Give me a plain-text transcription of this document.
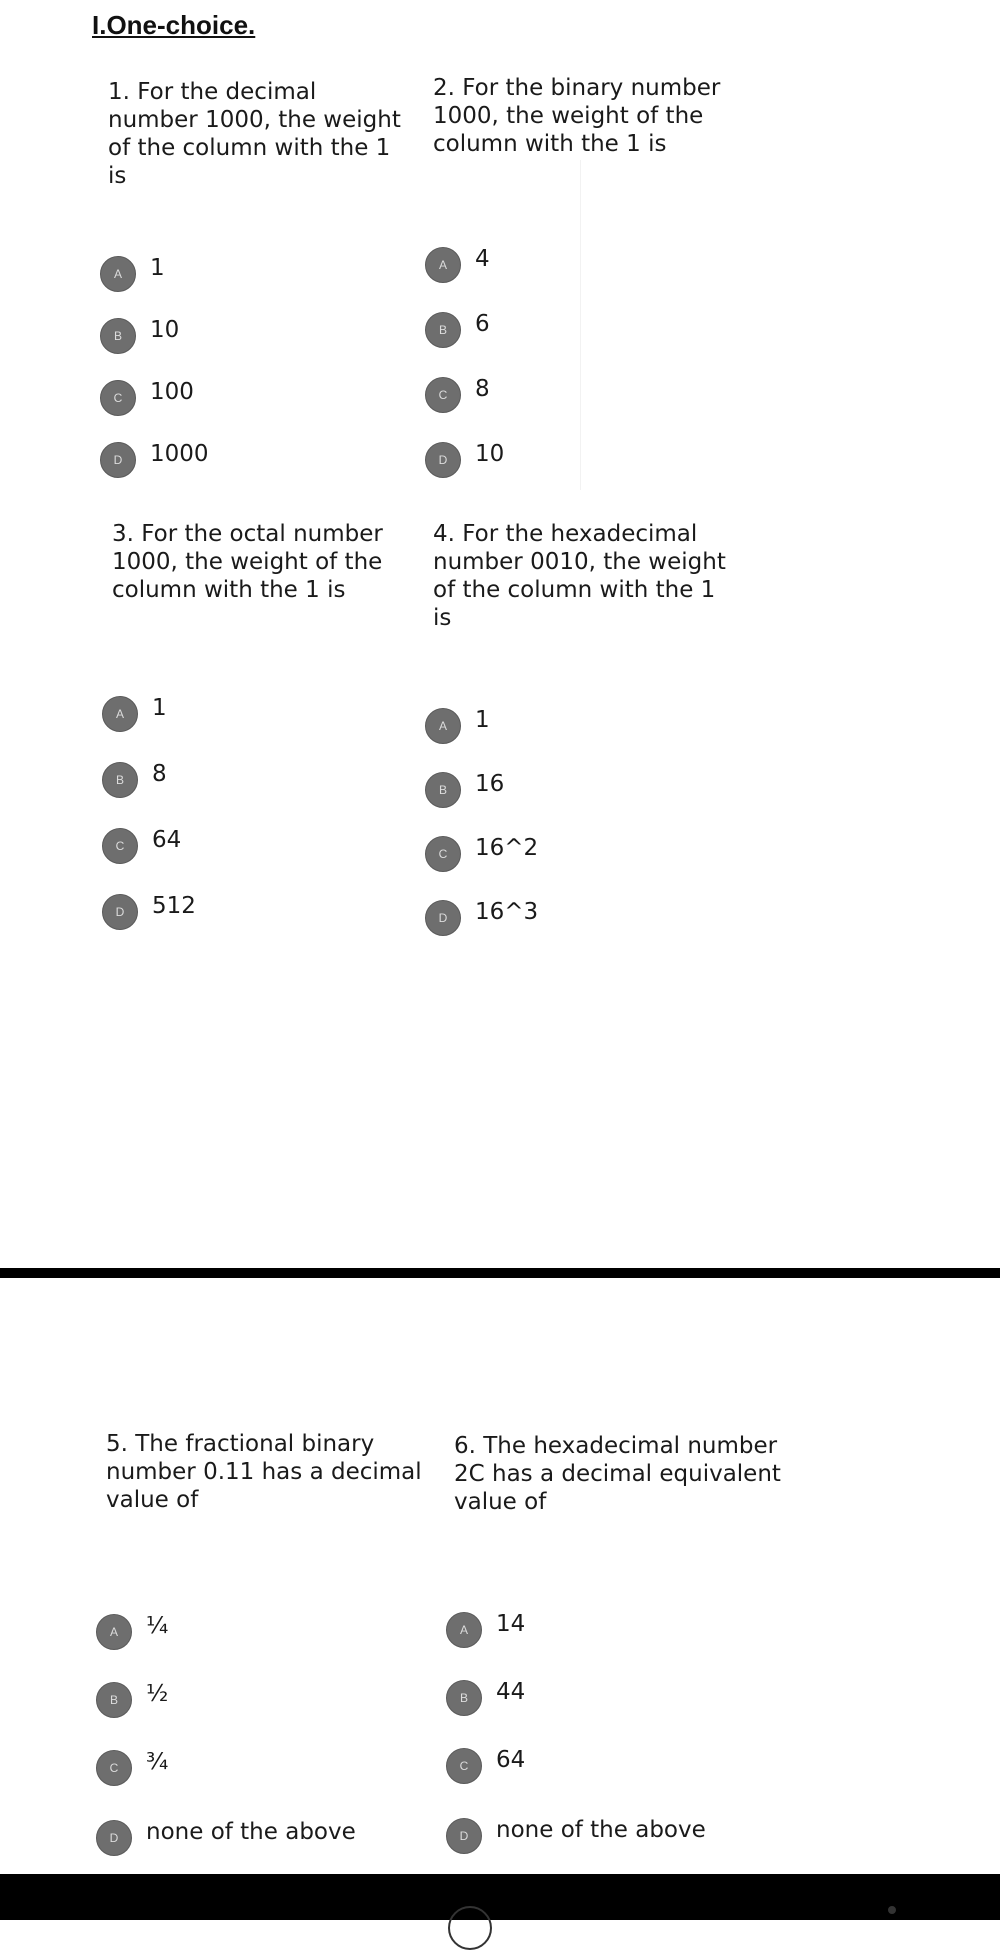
I.One-choice.
1. For the decimal number 1000, the weight of the column with the 1 is
A	1
B	10
C	100
D	1000
2. For the binary number 1000, the weight of the column with the 1 is
A	4
B	6
C	8
D	10
3. For the octal number 1000, the weight of the column with the 1 is
A	1
B	8
C	64
D	512
4. For the hexadecimal number 0010, the weight of the column with the 1 is
A	1
B	16
C	16^2
D	16^3
5. The fractional binary number 0.11 has a decimal value of
A	¼
B	½
C	¾
D	none of the above
6. The hexadecimal number 2C has a decimal equivalent value of
A	14
B	44
C	64
D	none of the above
